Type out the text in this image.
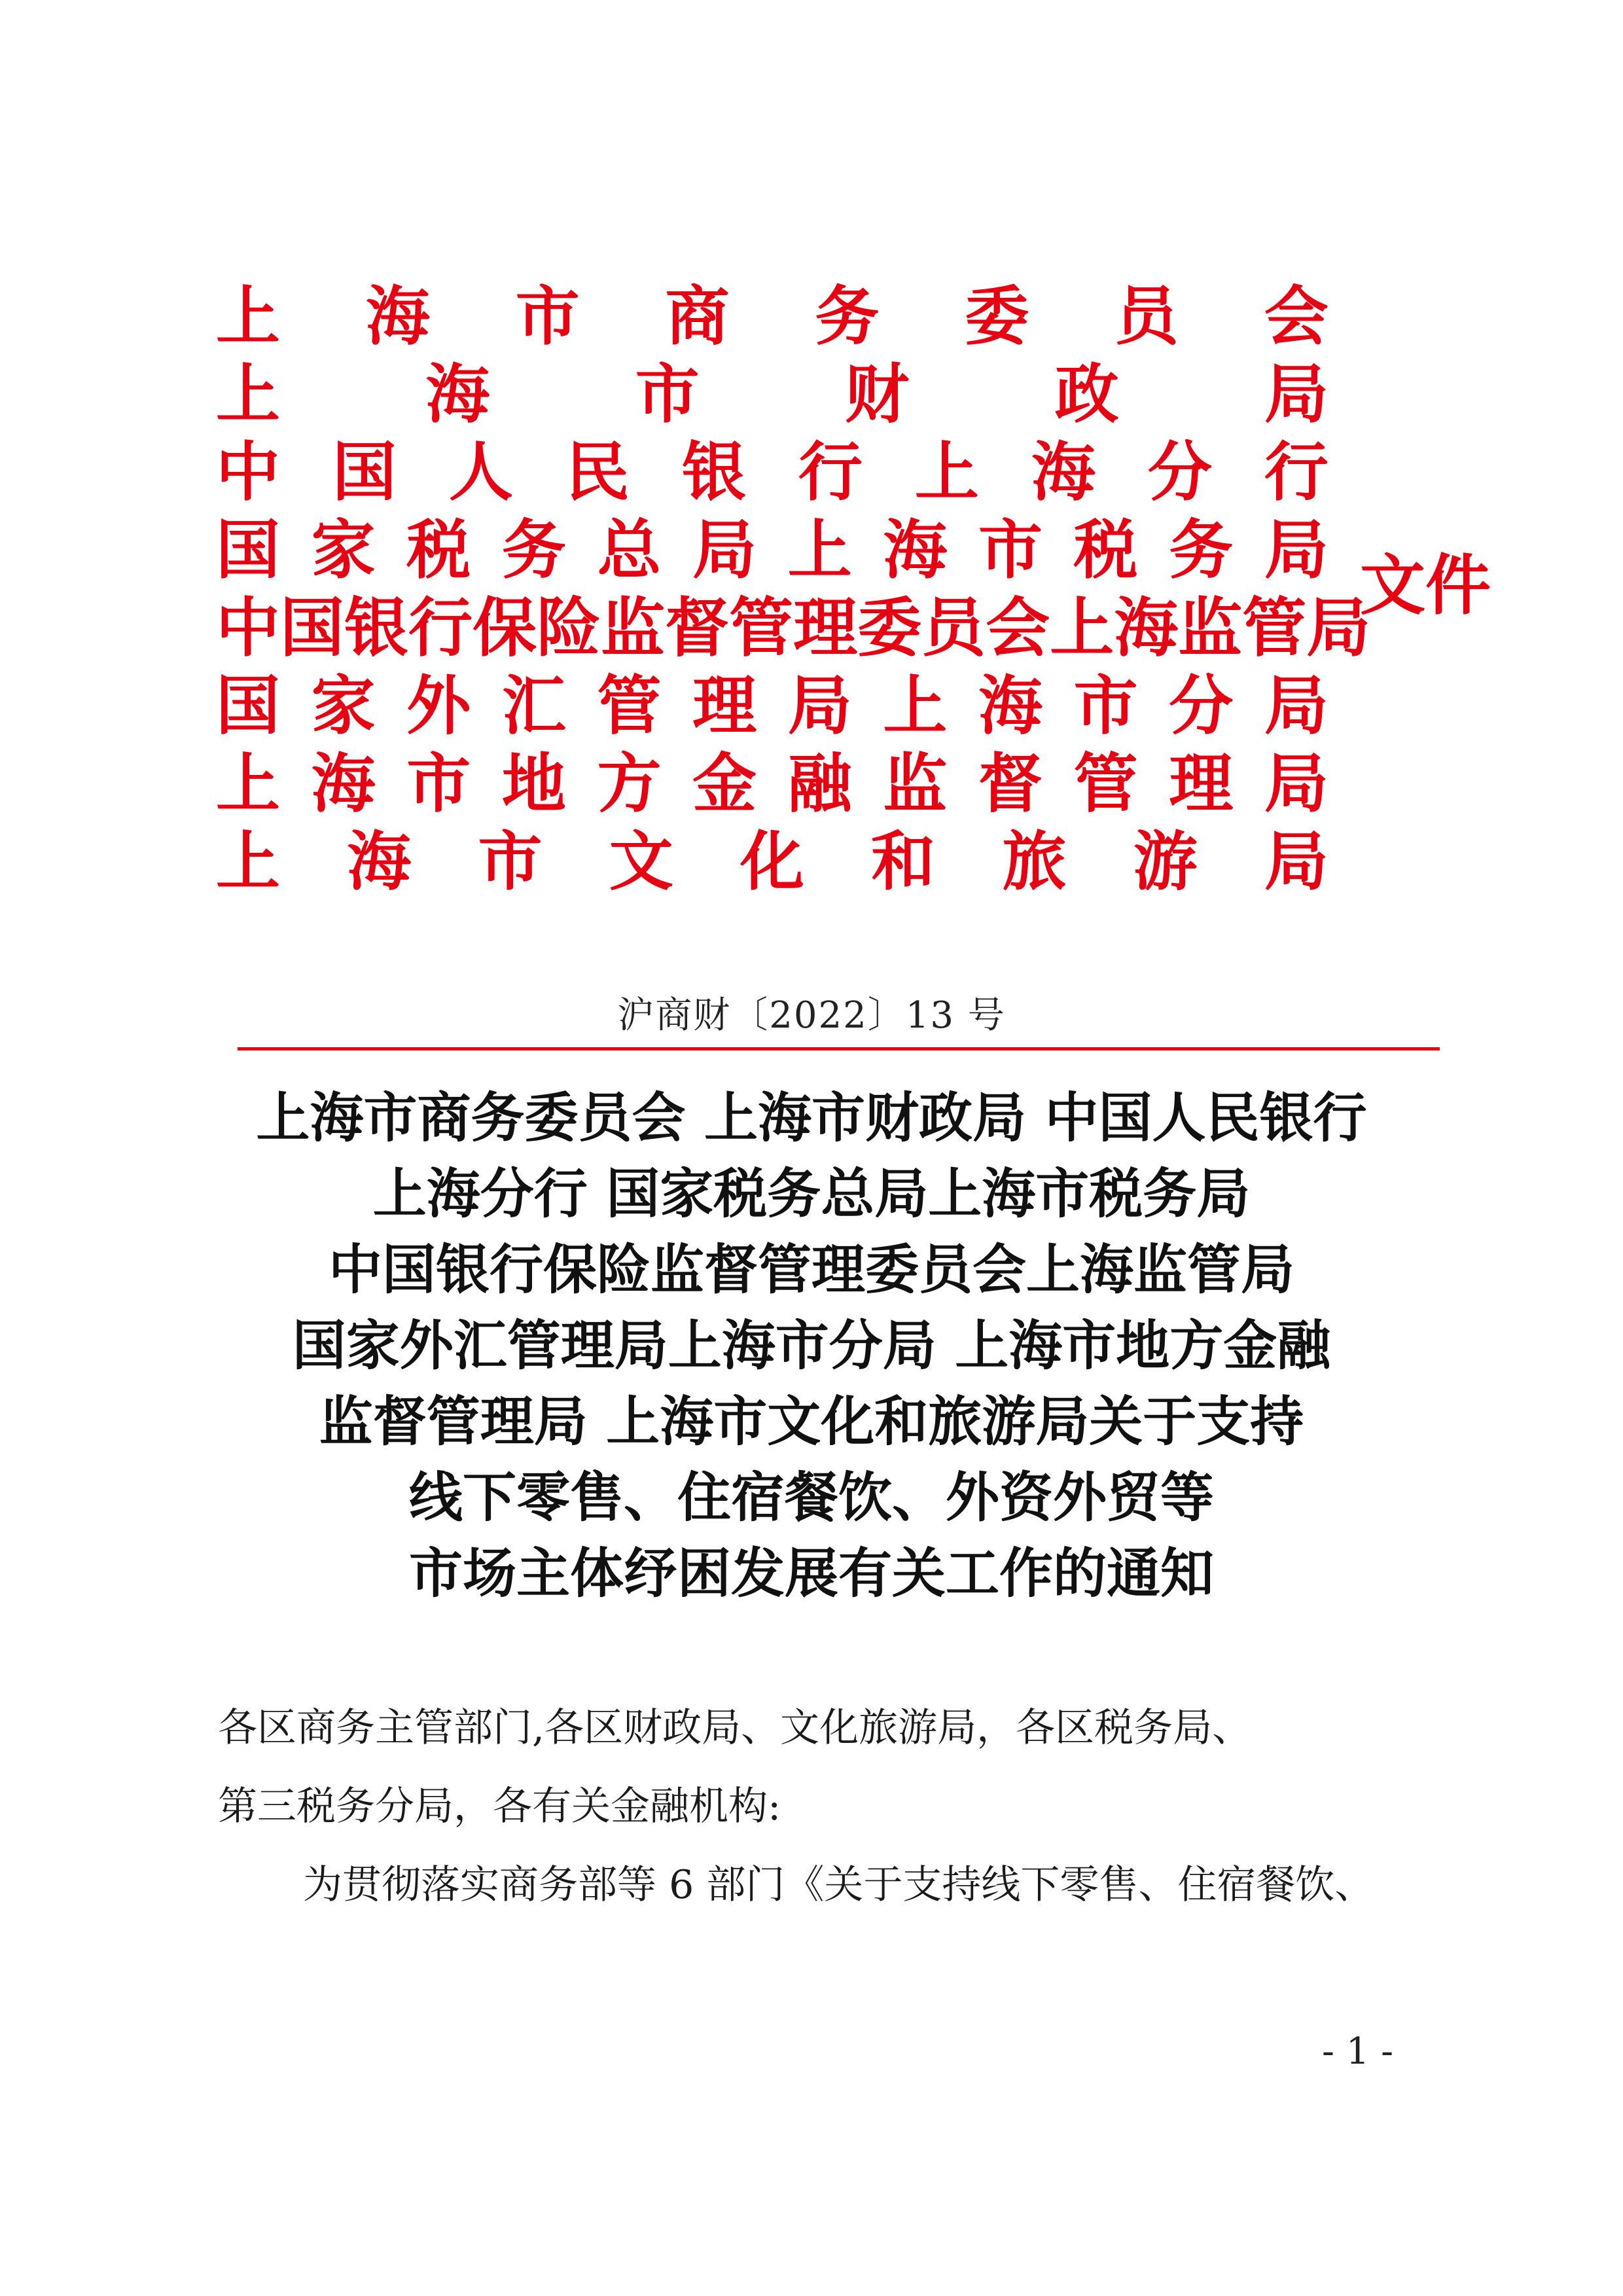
上 海 市 商 务 委 员 会
上 海 市 财 政 局
中 国 人 民 银 行 上 海 分 行
国 家 税 务 总 局 上 海 市 税 务 局
中 国 银 行 保 险 监 督 管 理 委 员 会 上 海 监 管 局
国 家 外 汇 管 理 局 上 海 市 分 局
上 海 市 地 方 金 融 监 督 管 理 局
上 海 市 文 化 和 旅 游 局
文件
沪商财〔2022〕13 号
上海市商务委员会 上海市财政局 中国人民银行
上海分行 国家税务总局上海市税务局
中国银行保险监督管理委员会上海监管局
国家外汇管理局上海市分局 上海市地方金融
监督管理局 上海市文化和旅游局关于支持
线下零售、住宿餐饮、外资外贸等
市场主体纾困发展有关工作的通知
各区商务主管部门,各区财政局、文化旅游局，各区税务局、
第三税务分局，各有关金融机构:
为贯彻落实商务部等 6 部门《关于支持线下零售、住宿餐饮、
- 1 -
